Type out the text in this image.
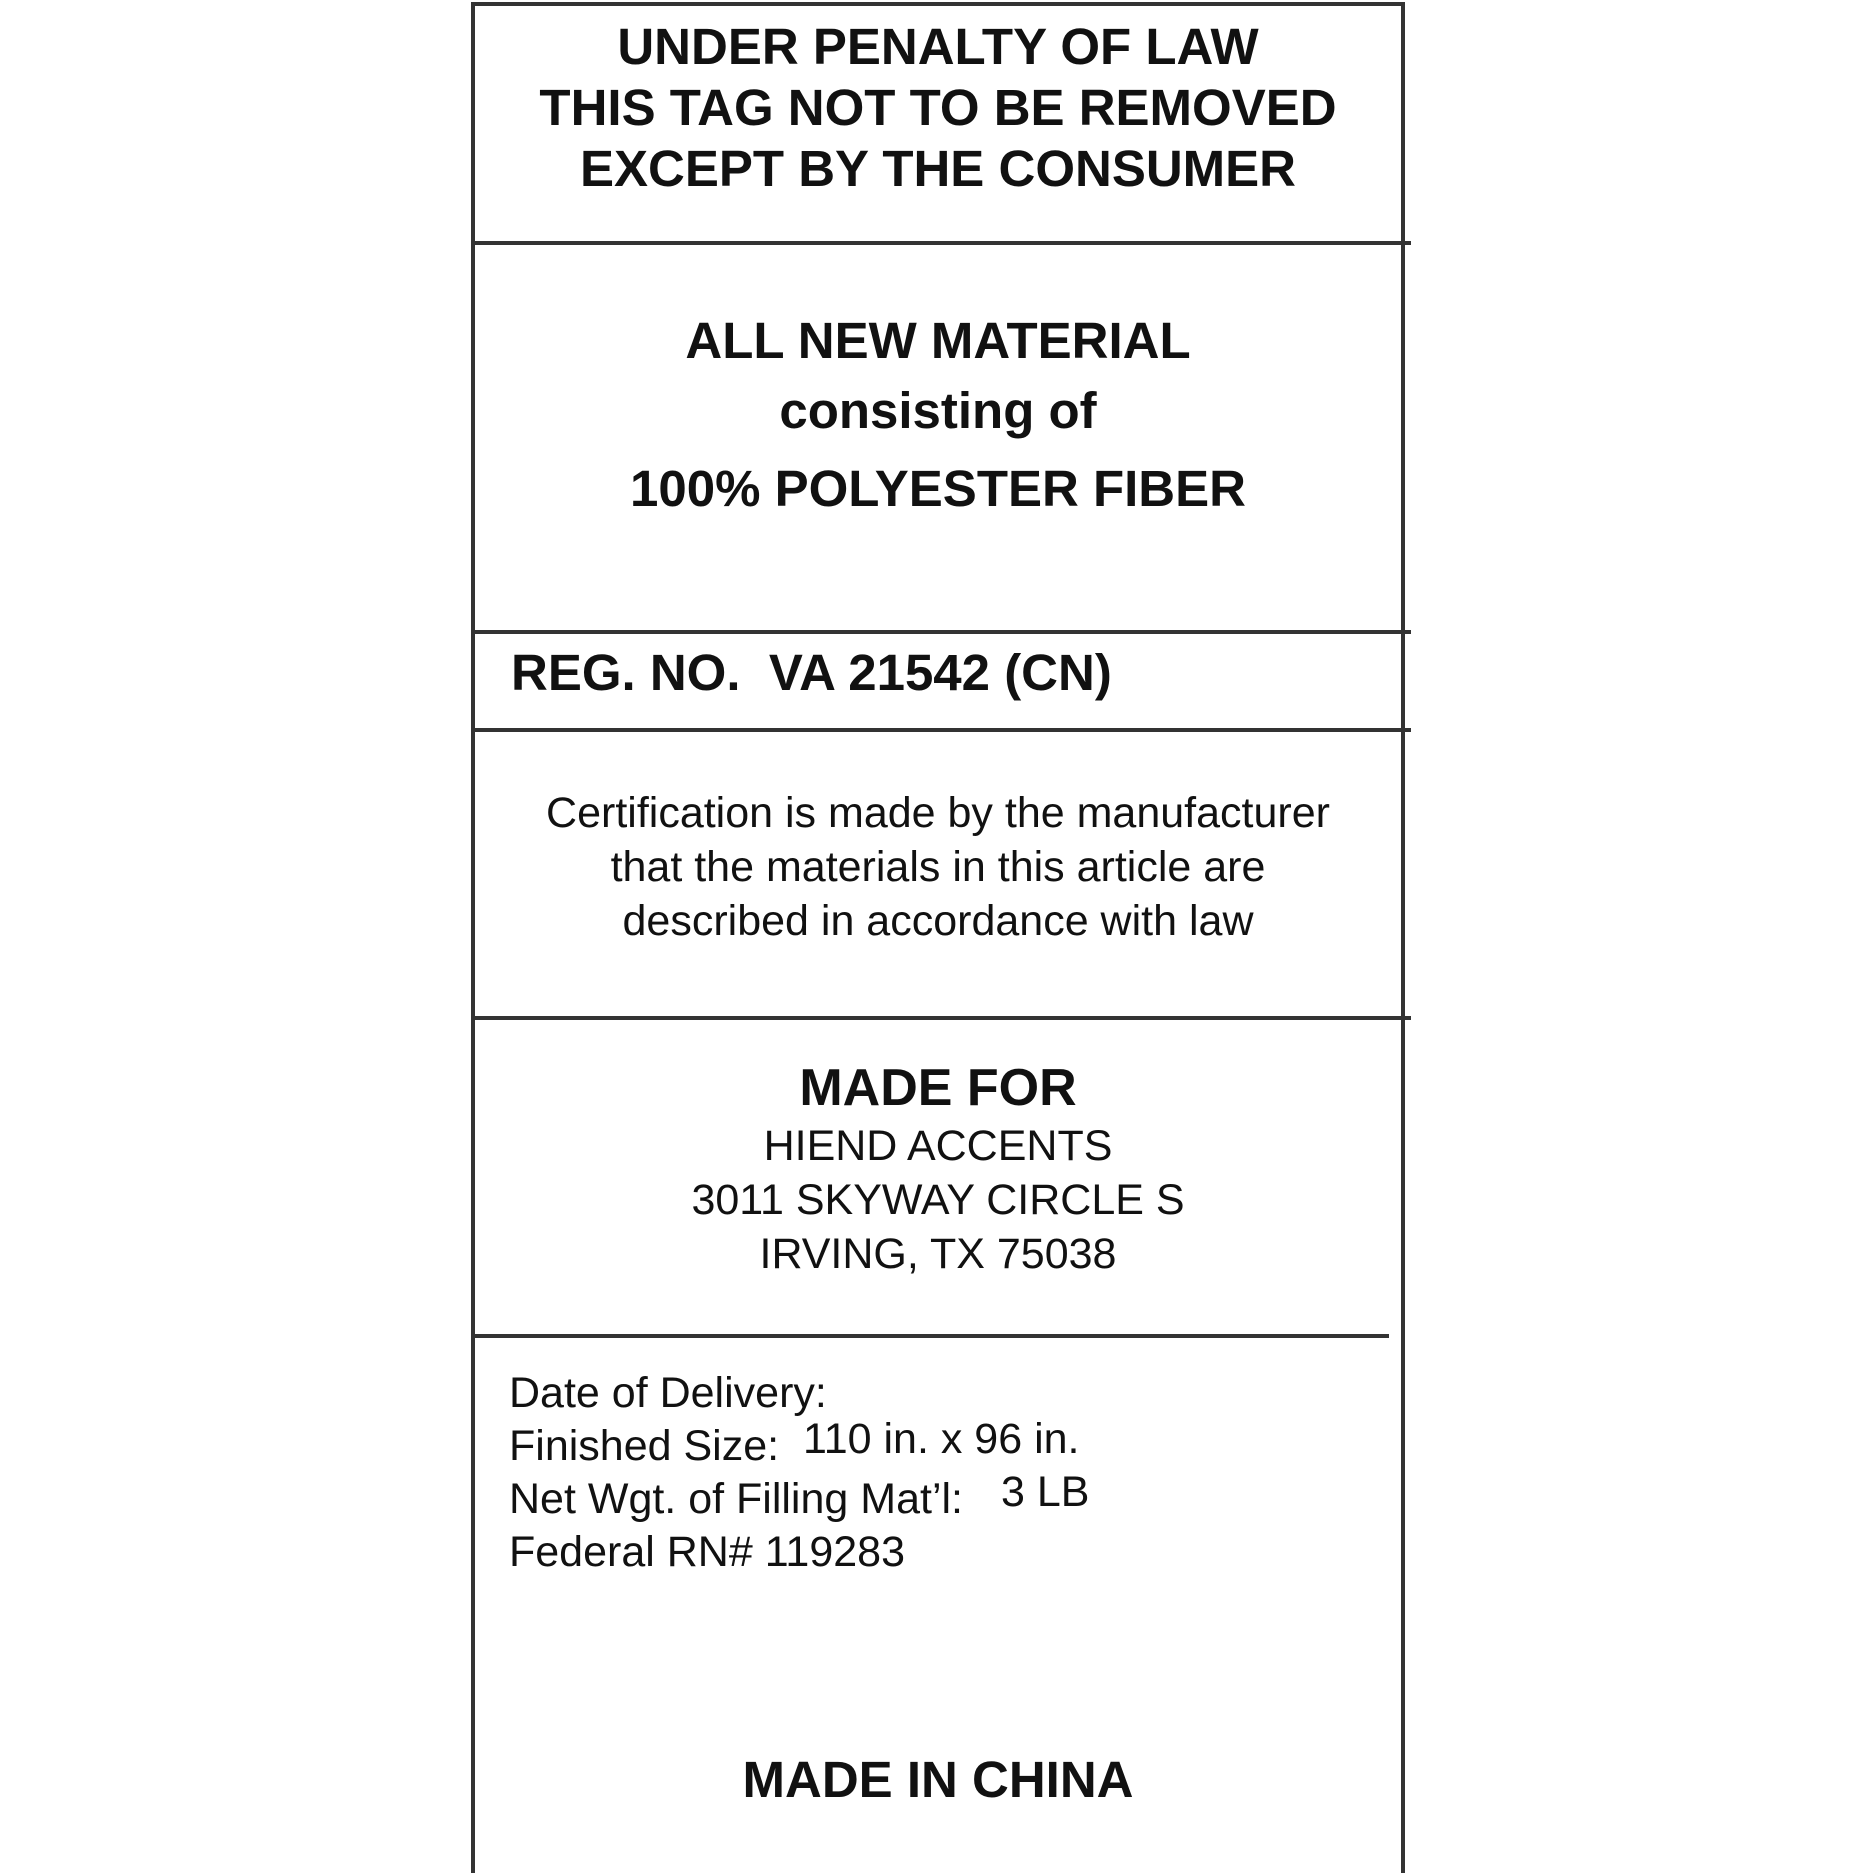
UNDER PENALTY OF LAW
THIS TAG NOT TO BE REMOVED
EXCEPT BY THE CONSUMER
ALL NEW MATERIAL
consisting of
100% POLYESTER FIBER
REG. NO. VA 21542 (CN)
Certification is made by the manufacturer
that the materials in this article are
described in accordance with law
MADE FOR
HIEND ACCENTS
3011 SKYWAY CIRCLE S
IRVING, TX 75038
Date of Delivery:
Finished Size: 110 in. x 96 in.
Net Wgt. of Filling Mat’l: 3 LB
Federal RN# 119283
MADE IN CHINA
